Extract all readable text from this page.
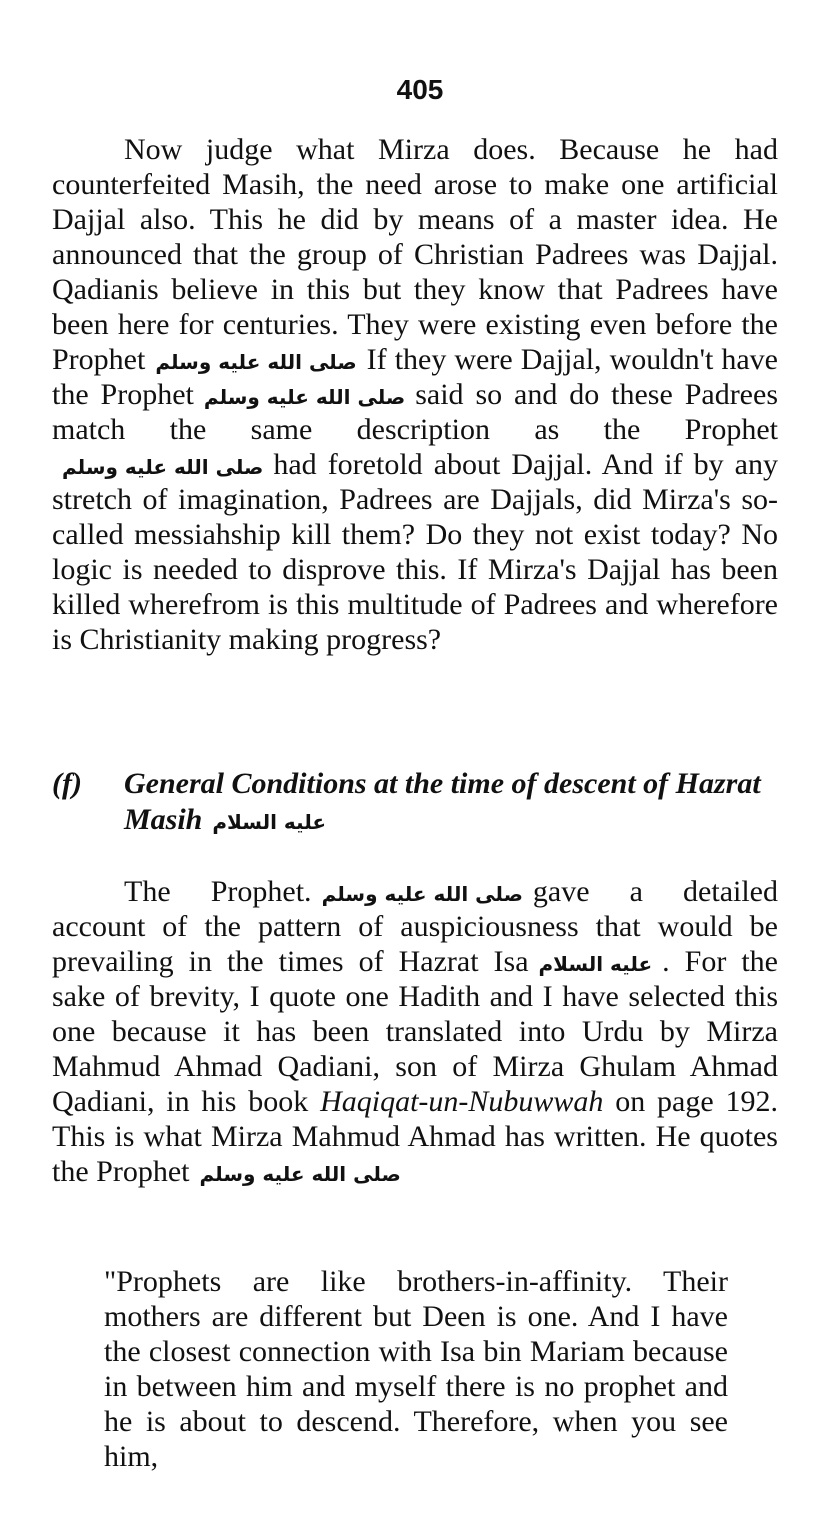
405

Now judge what Mirza does. Because he had counterfeited Masih, the need arose to make one artificial Dajjal also. This he did by means of a master idea. He announced that the group of Christian Padrees was Dajjal. Qadianis believe in this but they know that Padrees have been here for centuries. They were existing even before the Prophet صلى الله عليه وسلم If they were Dajjal, wouldn't have the Prophet صلى الله عليه وسلم said so and do these Padrees match the same description as the Prophetصلى الله عليه وسلم had foretold about Dajjal. And if by any stretch of imagination, Padrees are Dajjals, did Mirza's so-called messiahship kill them? Do they not exist today? No logic is needed to disprove this. If Mirza's Dajjal has been killed wherefrom is this multitude of Padrees and wherefore is Christianity making progress?

(f) General Conditions at the time of descent of Hazrat Masih عليه السلام

The Prophet. صلى الله عليه وسلم gave a detailed account of the pattern of auspiciousness that would be prevailing in the times of Hazrat Isa عليه السلام . For the sake of brevity, I quote one Hadith and I have selected this one because it has been translated into Urdu by Mirza Mahmud Ahmad Qadiani, son of Mirza Ghulam Ahmad Qadiani, in his book Haqiqat-un-Nubuwwah on page 192. This is what Mirza Mahmud Ahmad has written. He quotes the Prophet صلى الله عليه وسلم

"Prophets are like brothers-in-affinity. Their mothers are different but Deen is one. And I have the closest connection with Isa bin Mariam because in between him and myself there is no prophet and he is about to descend. Therefore, when you see him,
